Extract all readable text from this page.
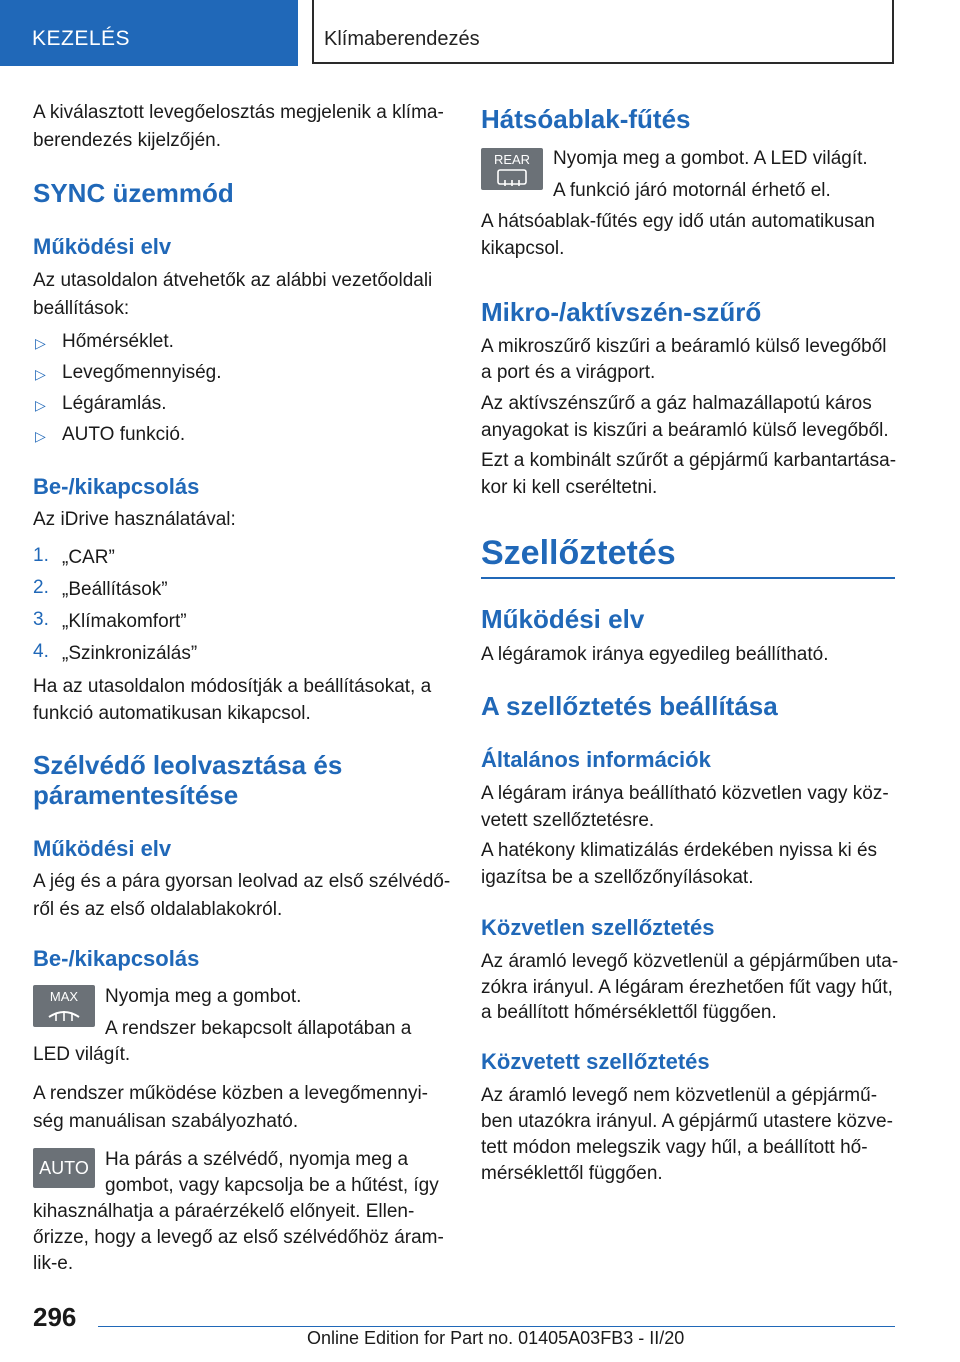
KEZELÉS	Klímaberendezés
A kiválasztott levegőelosztás megjelenik a klíma‐
berendezés kijelzőjén.
SYNC üzemmód
Működési elv
Az utasoldalon átvehetők az alábbi vezetőoldali
beállítások:
▷ Hőmérséklet.
▷ Levegőmennyiség.
▷ Légáramlás.
▷ AUTO funkció.
Be-/kikapcsolás
Az iDrive használatával:
1. „CAR”
2. „Beállítások”
3. „Klímakomfort”
4. „Szinkronizálás”
Ha az utasoldalon módosítják a beállításokat, a
funkció automatikusan kikapcsol.
Szélvédő leolvasztása és
páramentesítése
Működési elv
A jég és a pára gyorsan leolvad az első szélvédő‐
ről és az első oldalablakokról.
Be-/kikapcsolás
MAX	Nyomja meg a gombot.
A rendszer bekapcsolt állapotában a
LED világít.
A rendszer működése közben a levegőmennyi‐
ség manuálisan szabályozható.
AUTO Ha párás a szélvédő, nyomja meg a
gombot, vagy kapcsolja be a hűtést, így
kihasználhatja a páraérzékelő előnyeit. Ellen‐
őrizze, hogy a levegő az első szélvédőhöz áram‐
lik-e.
Hátsóablak-fűtés
REAR	Nyomja meg a gombot. A LED világít.
A funkció járó motornál érhető el.
A hátsóablak-fűtés egy idő után automatikusan
kikapcsol.
Mikro-/aktívszén-szűrő
A mikroszűrő kiszűri a beáramló külső levegőből
a port és a virágport.
Az aktívszénszűrő a gáz halmazállapotú káros
anyagokat is kiszűri a beáramló külső levegőből.
Ezt a kombinált szűrőt a gépjármű karbantartása‐
kor ki kell cseréltetni.
Szellőztetés
Működési elv
A légáramok iránya egyedileg beállítható.
A szellőztetés beállítása
Általános információk
A légáram iránya beállítható közvetlen vagy köz‐
vetett szellőztetésre.
A hatékony klimatizálás érdekében nyissa ki és
igazítsa be a szellőzőnyílásokat.
Közvetlen szellőztetés
Az áramló levegő közvetlenül a gépjárműben uta‐
zókra irányul. A légáram érezhetően fűt vagy hűt,
a beállított hőmérséklettől függően.
Közvetett szellőztetés
Az áramló levegő nem közvetlenül a gépjármű‐
ben utazókra irányul. A gépjármű utastere közve‐
tett módon melegszik vagy hűl, a beállított hő‐
mérséklettől függően.
296
Online Edition for Part no. 01405A03FB3 - II/20
